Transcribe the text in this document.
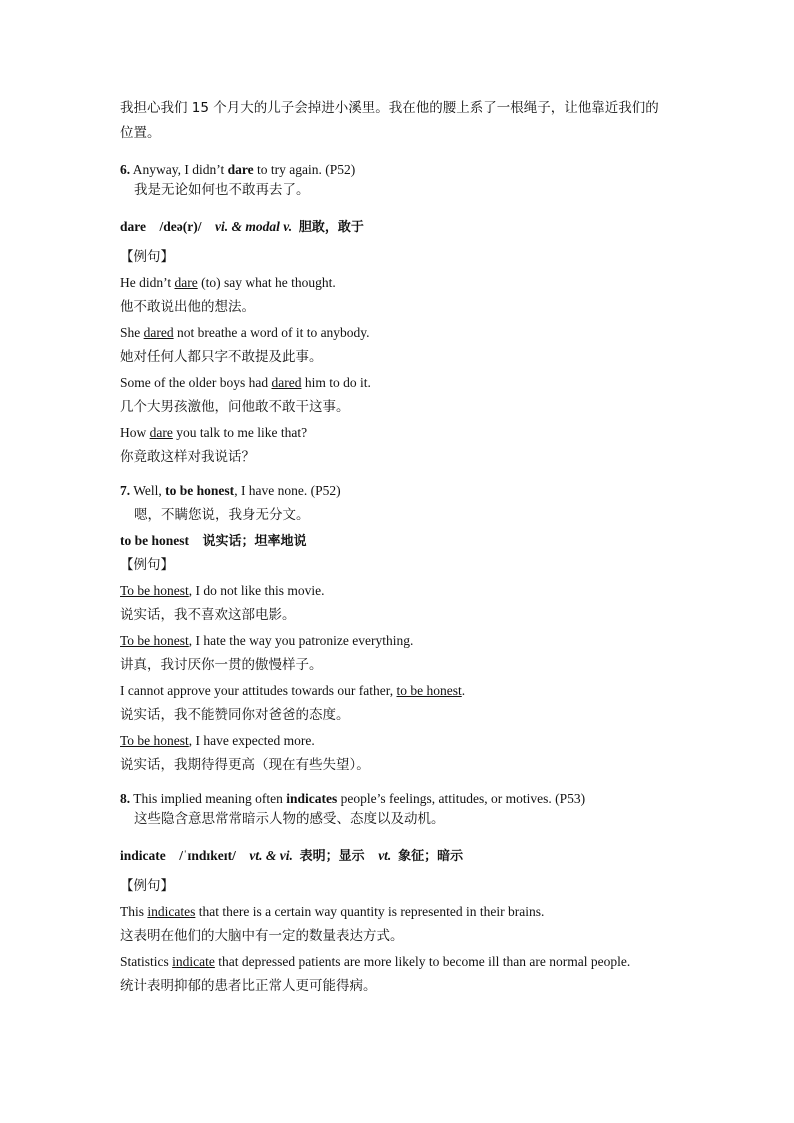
我担心我们 15 个月大的儿子会掉进小溪里。我在他的腰上系了一根绳子，让他靠近我们的
位置。
6. Anyway, I didn’t dare to try again. (P52)
我是无论如何也不敢再去了。
dare /deə(r)/ vi. & modal v. 胆敢，敢于
【例句】
He didn’t dare (to) say what he thought.
他不敢说出他的想法。
She dared not breathe a word of it to anybody.
她对任何人都只字不敢提及此事。
Some of the older boys had dared him to do it.
几个大男孩激他，问他敢不敢干这事。
How dare you talk to me like that?
你竟敢这样对我说话？
7. Well, to be honest, I have none. (P52)
嗯，不瞒您说，我身无分文。
to be honest 说实话；坦率地说
【例句】
To be honest, I do not like this movie.
说实话，我不喜欢这部电影。
To be honest, I hate the way you patronize everything.
讲真，我讨厌你一贯的傲慢样子。
I cannot approve your attitudes towards our father, to be honest.
说实话，我不能赞同你对爸爸的态度。
To be honest, I have expected more.
说实话，我期待得更高（现在有些失望）。
8. This implied meaning often indicates people’s feelings, attitudes, or motives. (P53)
这些隐含意思常常暗示人物的感受、态度以及动机。
indicate /ˈɪndɪkeɪt/ vt. & vi. 表明；显示 vt. 象征；暗示
【例句】
This indicates that there is a certain way quantity is represented in their brains.
这表明在他们的大脑中有一定的数量表达方式。
Statistics indicate that depressed patients are more likely to become ill than are normal people.
统计表明抑郁的患者比正常人更可能得病。
